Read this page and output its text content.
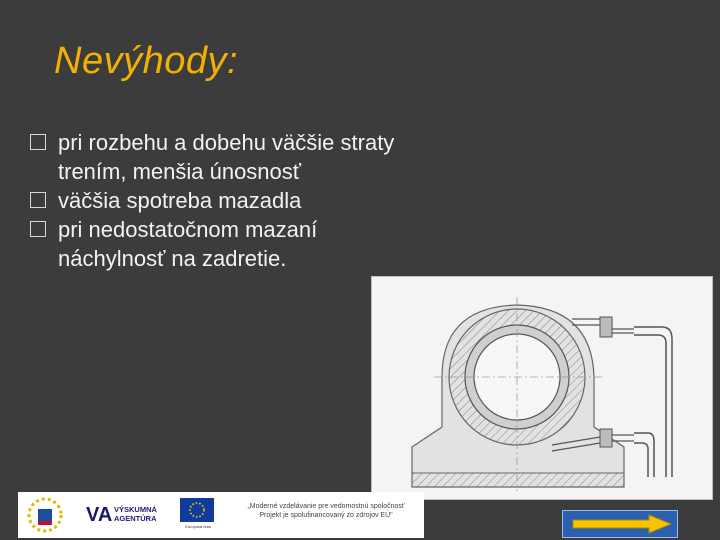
Nevýhody:

pri rozbehu a dobehu väčšie straty
trením, menšia únosnosť

väčšia spotreba mazadla

pri nedostatočnom mazaní
náchylnosť na zadretie.

VA VÝSKUMNÁ
AGENTÚRA
Európska únia
„Moderné vzdelávanie pre vedomostnú spoločnosť
Projekt je spolufinancovaný zo zdrojov EÚ"
